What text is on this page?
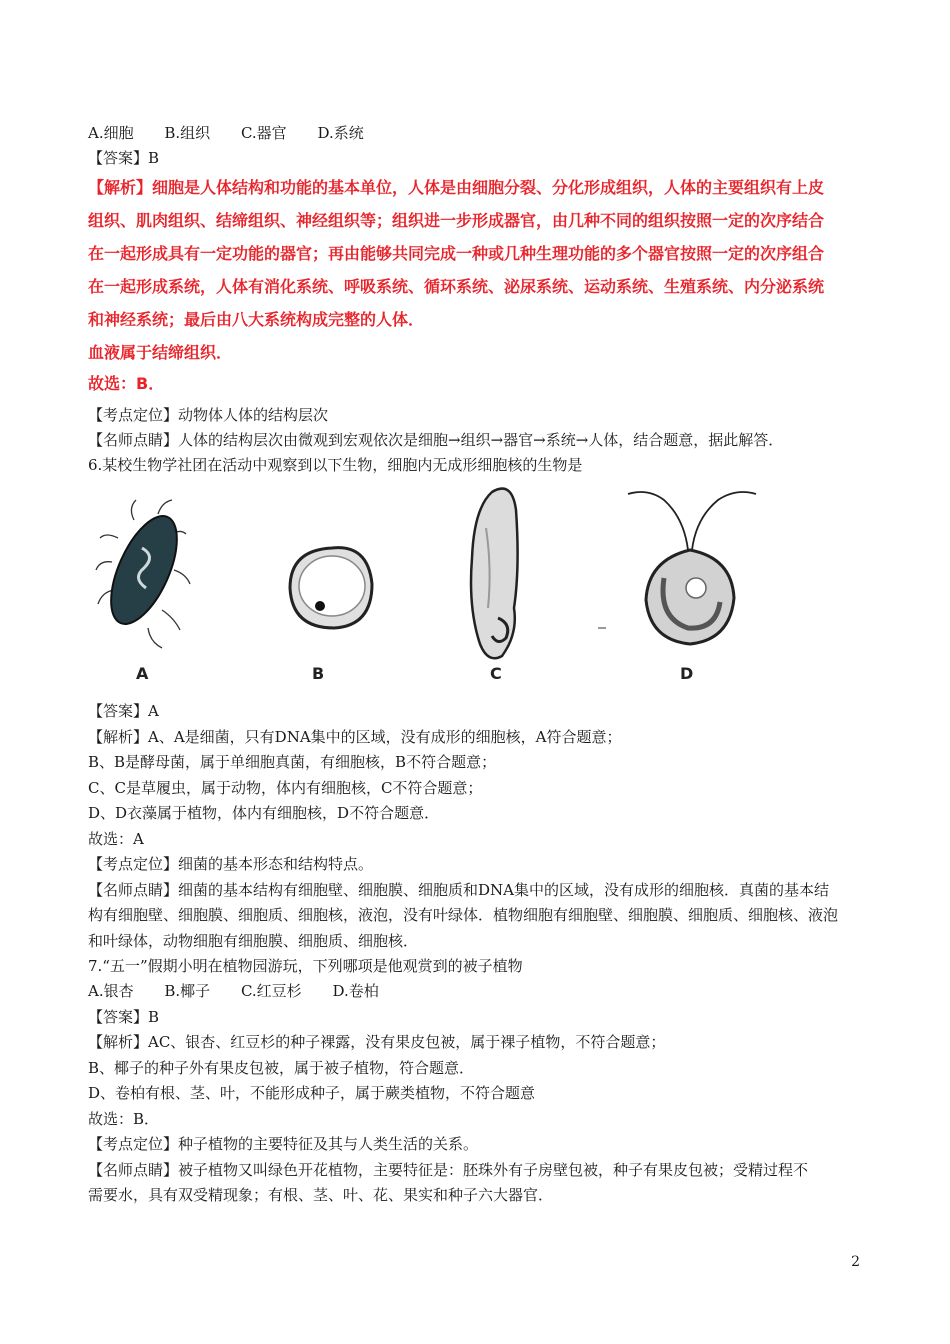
A.细胞 B.组织 C.器官 D.系统
【答案】B
【解析】细胞是人体结构和功能的基本单位，人体是由细胞分裂、分化形成组织，人体的主要组织有上皮
组织、肌肉组织、结缔组织、神经组织等；组织进一步形成器官，由几种不同的组织按照一定的次序结合
在一起形成具有一定功能的器官；再由能够共同完成一种或几种生理功能的多个器官按照一定的次序组合
在一起形成系统，人体有消化系统、呼吸系统、循环系统、泌尿系统、运动系统、生殖系统、内分泌系统
和神经系统；最后由八大系统构成完整的人体．
血液属于结缔组织．
故选：B．
【考点定位】动物体人体的结构层次
【名师点睛】人体的结构层次由微观到宏观依次是细胞→组织→器官→系统→人体，结合题意，据此解答．
6.某校生物学社团在活动中观察到以下生物，细胞内无成形细胞核的生物是
A	B	C	D
【答案】A
【解析】A、A是细菌，只有DNA集中的区域，没有成形的细胞核，A符合题意；
B、B是酵母菌，属于单细胞真菌，有细胞核，B不符合题意；
C、C是草履虫，属于动物，体内有细胞核，C不符合题意；
D、D衣藻属于植物，体内有细胞核，D不符合题意．
故选：A
【考点定位】细菌的基本形态和结构特点。
【名师点睛】细菌的基本结构有细胞壁、细胞膜、细胞质和DNA集中的区域，没有成形的细胞核．真菌的基本结
构有细胞壁、细胞膜、细胞质、细胞核，液泡，没有叶绿体．植物细胞有细胞壁、细胞膜、细胞质、细胞核、液泡
和叶绿体，动物细胞有细胞膜、细胞质、细胞核．
7.“五一”假期小明在植物园游玩，下列哪项是他观赏到的被子植物
A.银杏 B.椰子 C.红豆杉 D.卷柏
【答案】B
【解析】AC、银杏、红豆杉的种子裸露，没有果皮包被，属于裸子植物，不符合题意；
B、椰子的种子外有果皮包被，属于被子植物，符合题意．
D、卷柏有根、茎、叶，不能形成种子，属于蕨类植物，不符合题意
故选：B．
【考点定位】种子植物的主要特征及其与人类生活的关系。
【名师点睛】被子植物又叫绿色开花植物，主要特征是：胚珠外有子房壁包被，种子有果皮包被；受精过程不
需要水，具有双受精现象；有根、茎、叶、花、果实和种子六大器官．
2
